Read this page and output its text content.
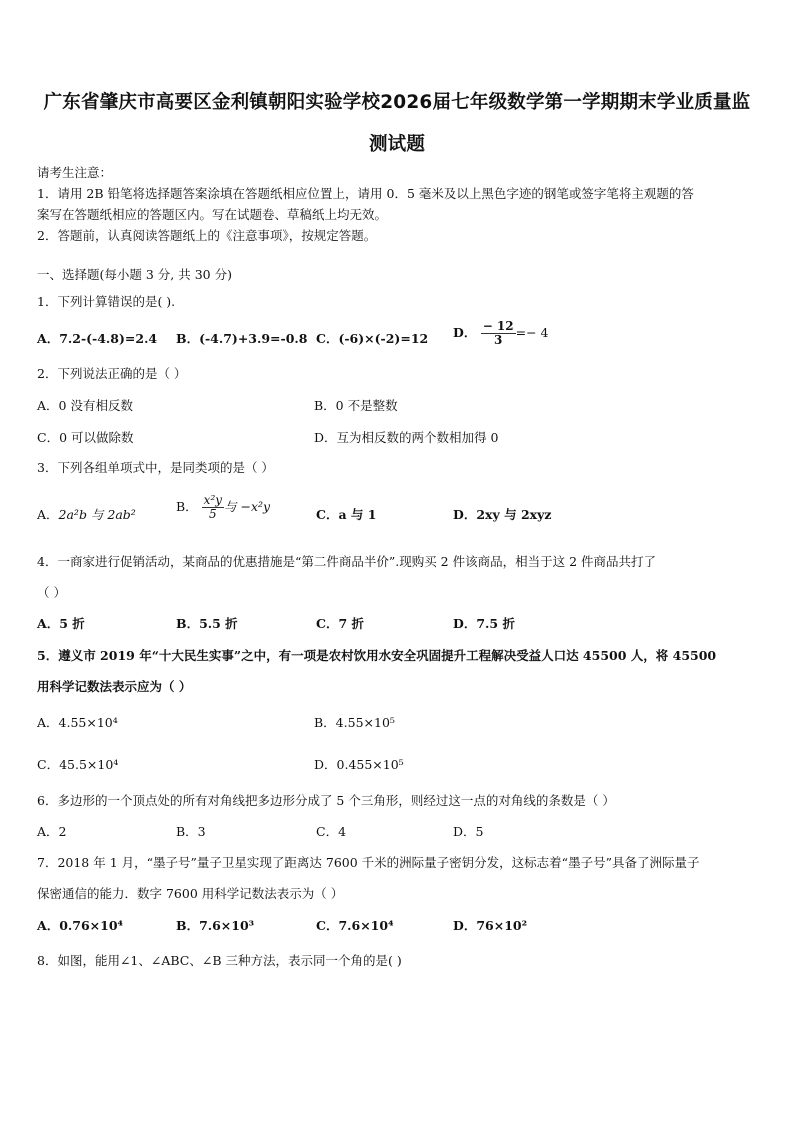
广东省肇庆市高要区金利镇朝阳实验学校2026届七年级数学第一学期期末学业质量监
测试题
请考生注意：
1．请用 2B 铅笔将选择题答案涂填在答题纸相应位置上，请用 0．5 毫米及以上黑色字迹的钢笔或签字笔将主观题的答
案写在答题纸相应的答题区内。写在试题卷、草稿纸上均无效。
2．答题前，认真阅读答题纸上的《注意事项》，按规定答题。
一、选择题(每小题 3 分, 共 30 分)
1．下列计算错误的是( ).
A．7.2-(-4.8)=2.4 B．(-4.7)+3.9=-0.8 C．(-6)×(-2)=12 D． $\frac{- 12}{3} =- 4$
2．下列说法正确的是（ ）
A．0 没有相反数	B．0 不是整数
C．0 可以做除数	D．互为相反数的两个数相加得 0
3．下列各组单项式中，是同类项的是（ ）
A．2a²b 与 2ab²
B． $\frac{\text{x²y}}{5}$ 与 −x²y
C．a 与 1	D．2xy 与 2xyz
4．一商家进行促销活动，某商品的优惠措施是“第二件商品半价”.现购买 2 件该商品，相当于这 2 件商品共打了
（ ）
A．5 折	B．5.5 折	C．7 折	D．7.5 折
5．遵义市 2019 年“十大民生实事”之中，有一项是农村饮用水安全巩固提升工程解决受益人口达 45500 人，将 45500
用科学记数法表示应为（ ）
A．4.55×10⁴	B．4.55×10⁵
C．45.5×10⁴	D．0.455×10⁵
6．多边形的一个顶点处的所有对角线把多边形分成了 5 个三角形，则经过这一点的对角线的条数是（ ）
A．2	B．3	C．4	D．5
7．2018 年 1 月，“墨子号”量子卫星实现了距离达 7600 千米的洲际量子密钥分发，这标志着“墨子号”具备了洲际量子
保密通信的能力．数字 7600 用科学记数法表示为（ ）
A．0.76×10⁴	B．7.6×10³	C．7.6×10⁴	D．76×10²
8．如图，能用∠1、∠ABC、∠B 三种方法，表示同一个角的是( )
